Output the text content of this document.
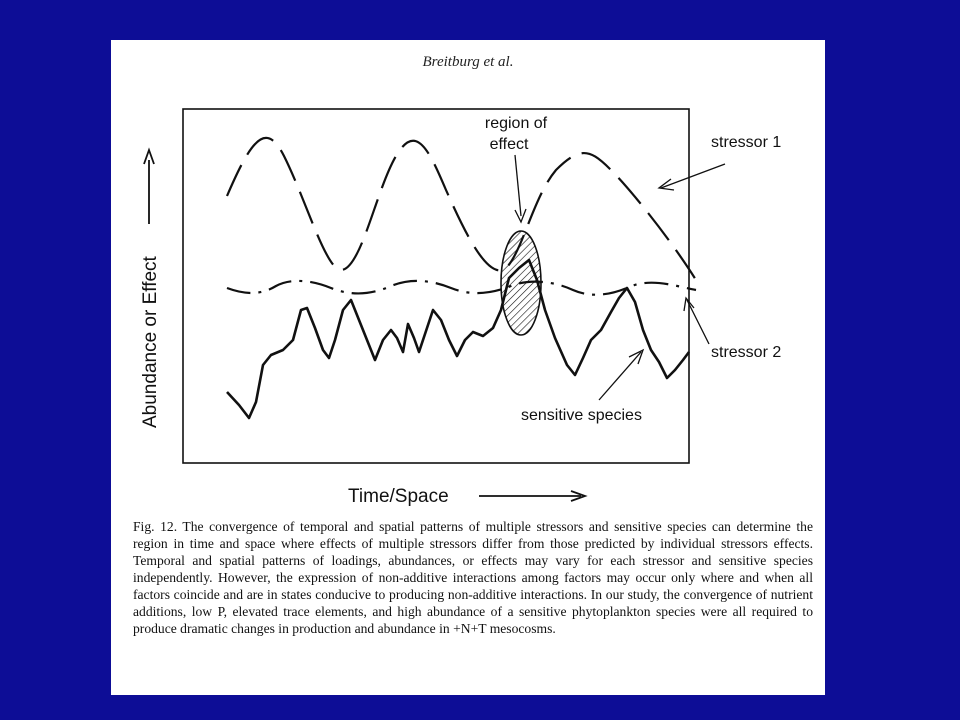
Breitburg et al.
Abundance or Effect
Time/Space
region of
effect	stressor 1
stressor 2
sensitive species
Fig. 12. The convergence of temporal and spatial patterns of multiple stressors and sensitive species can determine the region in time and space where effects of multiple stressors differ from those predicted by individual stressors effects. Temporal and spatial patterns of loadings, abundances, or effects may vary for each stressor and sensitive species independently. However, the expression of non-additive interactions among factors may occur only where and when all factors coincide and are in states conducive to producing non-additive interactions. In our study, the convergence of nutrient additions, low P, elevated trace elements, and high abundance of a sensitive phytoplankton species were all required to produce dramatic changes in production and abundance in +N+T mesocosms.
